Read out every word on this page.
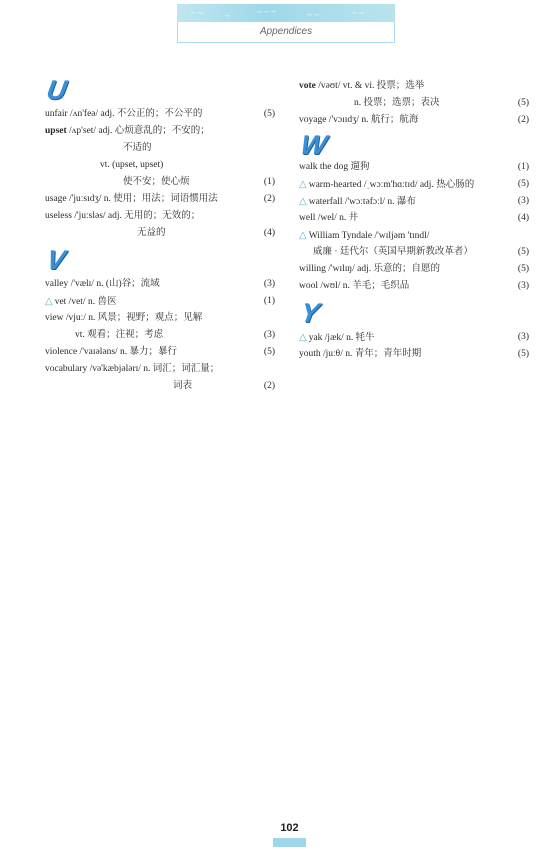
~ ~ ~	~ ~ ~	~ ~	~ ~
Appendices
U
unfair /ʌn'feə/ adj. 不公正的；不公平的	(5)
upset /ʌp'set/ adj. 心烦意乱的；不安的；
不适的
vt. (upset, upset)
使不安；使心烦	(1)
usage /'juːsɪdʒ/ n. 使用；用法；词语惯用法	(2)
useless /'juːsləs/ adj. 无用的；无效的；
无益的	(4)
V
valley /'vælɪ/ n. (山)谷；流域	(3)
△ vet /vet/ n. 兽医	(1)
view /vjuː/ n. 风景；视野；观点；见解
vt. 观看；注视；考虑	(3)
violence /'vaɪələns/ n. 暴力；暴行	(5)
vocabulary /və'kæbjələrɪ/ n. 词汇；词汇量；
词表	(2)
vote /vəʊt/ vt. & vi. 投票；选举
n. 投票；选票；表决	(5)
voyage /'vɔɪɪdʒ/ n. 航行；航海	(2)
W
walk the dog 遛狗	(1)
△ warm-hearted /ˌwɔːm'hɑːtɪd/ adj. 热心肠的	(5)
△ waterfall /'wɔːtəfɔːl/ n. 瀑布	(3)
well /wel/ n. 井	(4)
△ William Tyndale /'wɪljəm 'tɪndl/
威廉 · 廷代尔（英国早期新教改革者）	(5)
willing /'wɪlɪŋ/ adj. 乐意的；自愿的	(5)
wool /wʊl/ n. 羊毛；毛织品	(3)
Y
△ yak /jæk/ n. 牦牛	(3)
youth /juːθ/ n. 青年；青年时期	(5)
102
